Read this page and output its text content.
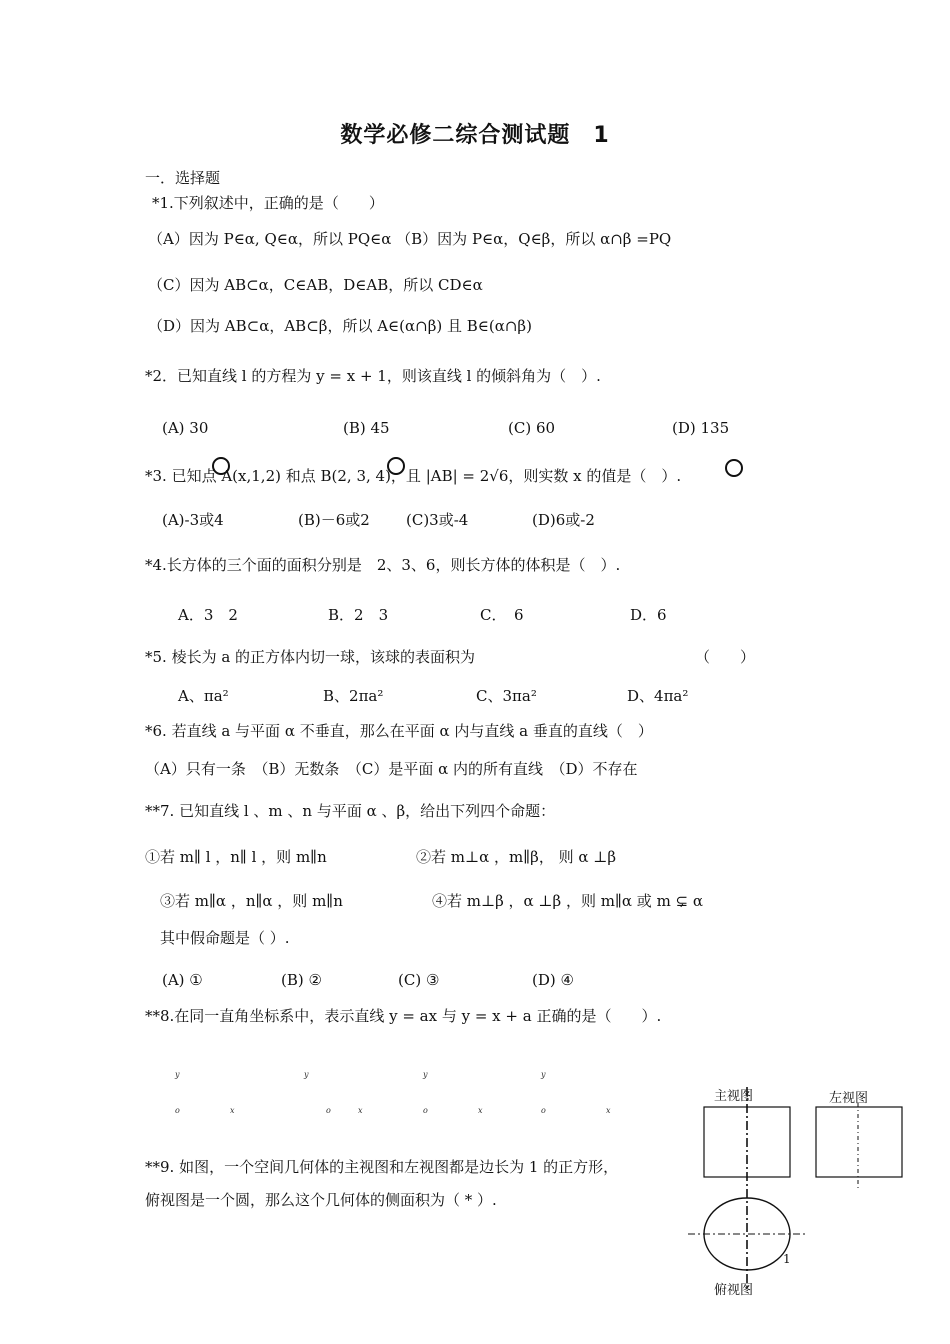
数学必修二综合测试题　1
一．选择题
*1.下列叙述中，正确的是（　　）
（A）因为 P∈α, Q∈α，所以 PQ∈α （B）因为 P∈α，Q∈β，所以 α∩β =PQ
（C）因为 AB⊂α，C∈AB，D∈AB，所以 CD∈α
（D）因为 AB⊂α，AB⊂β，所以 A∈(α∩β) 且 B∈(α∩β)
*2．已知直线 l 的方程为 y = x + 1，则该直线 l 的倾斜角为（　）.
(A) 30	(B) 45	(C) 60	(D) 135
*3. 已知点 A(x,1,2) 和点 B(2, 3, 4)，且 |AB| = 2√6，则实数 x 的值是（　）.
(A)-3或4	(B)－6或2 (C)3或-4	(D)6或-2
*4.长方体的三个面的面积分别是　2、3、6，则长方体的体积是（　）.
A．3　2	B．2　3	C．　6	D．6
*5. 棱长为 a 的正方体内切一球，该球的表面积为	（　　）
A、πa²	B、2πa²	C、3πa²	D、4πa²
*6. 若直线 a 与平面 α 不垂直，那么在平面 α 内与直线 a 垂直的直线（　）
（A）只有一条　（B）无数条　（C）是平面 α 内的所有直线　（D）不存在
**7. 已知直线 l 、m 、n 与平面 α 、β，给出下列四个命题：
①若 m∥ l ，n∥ l ，则 m∥n	②若 m⊥α ，m∥β， 则 α ⊥β
③若 m∥α ，n∥α ，则 m∥n	④若 m⊥β ，α ⊥β ，则 m∥α 或 m ⊊ α
其中假命题是（ ）.
(A) ①	(B) ②	(C) ③	(D) ④
**8.在同一直角坐标系中，表示直线 y = ax 与 y = x + a 正确的是（　　）.
y
o	x
y
o	x
y
o	x
y
o	x
**9. 如图，一个空间几何体的主视图和左视图都是边长为 1 的正方形，
俯视图是一个圆，那么这个几何体的侧面积为（ * ）.
主视图	左视图
俯视图
1
